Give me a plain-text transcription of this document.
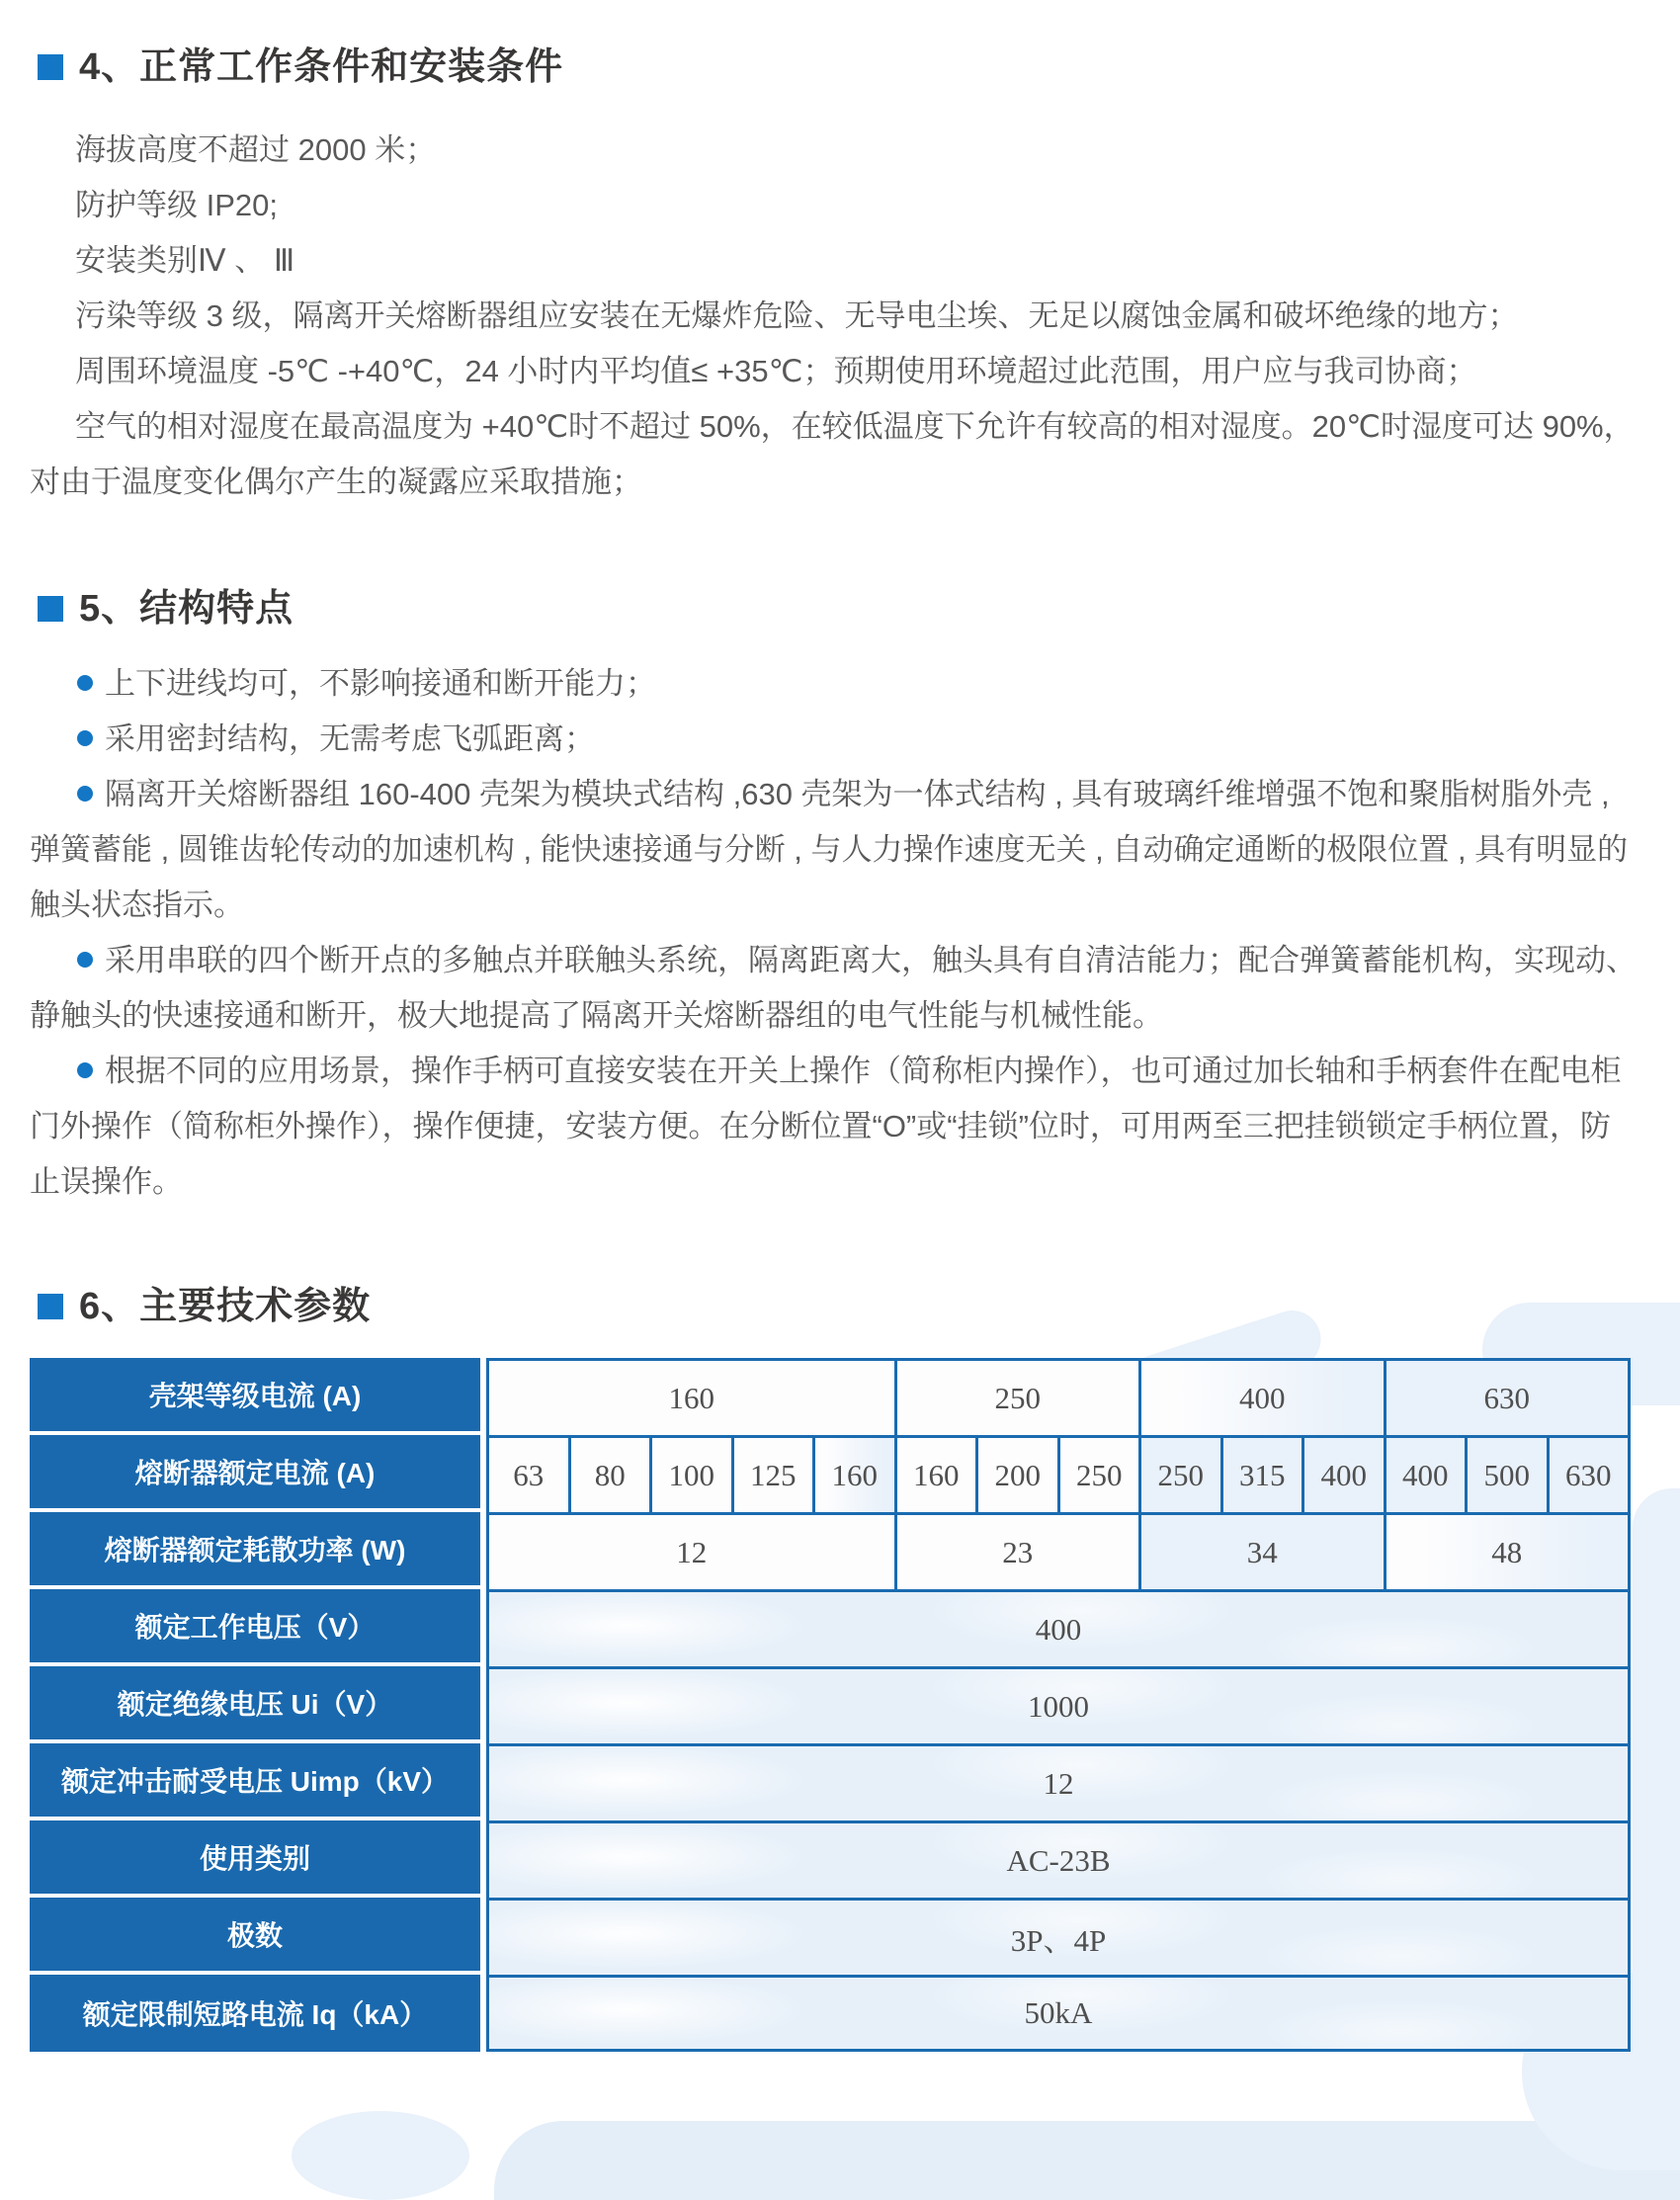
4、正常工作条件和安装条件

海拔高度不超过 2000 米；

防护等级 IP20;

安装类别Ⅳ 、 Ⅲ

污染等级 3 级，隔离开关熔断器组应安装在无爆炸危险、无导电尘埃、无足以腐蚀金属和破坏绝缘的地方；

周围环境温度 -5℃ -+40℃，24 小时内平均值≤ +35℃；预期使用环境超过此范围，用户应与我司协商；

空气的相对湿度在最高温度为 +40℃时不超过 50%，在较低温度下允许有较高的相对湿度。20℃时湿度可达 90%，对由于温度变化偶尔产生的凝露应采取措施；

5、结构特点

上下进线均可，不影响接通和断开能力；

采用密封结构，无需考虑飞弧距离；

隔离开关熔断器组 160-400 壳架为模块式结构 ,630 壳架为一体式结构 , 具有玻璃纤维增强不饱和聚脂树脂外壳 , 弹簧蓄能 , 圆锥齿轮传动的加速机构 , 能快速接通与分断 , 与人力操作速度无关 , 自动确定通断的极限位置 , 具有明显的触头状态指示。

采用串联的四个断开点的多触点并联触头系统，隔离距离大，触头具有自清洁能力；配合弹簧蓄能机构，实现动、静触头的快速接通和断开，极大地提高了隔离开关熔断器组的电气性能与机械性能。

根据不同的应用场景，操作手柄可直接安装在开关上操作（简称柜内操作），也可通过加长轴和手柄套件在配电柜门外操作（简称柜外操作），操作便捷，安装方便。在分断位置“O”或“挂锁”位时，可用两至三把挂锁锁定手柄位置，防止误操作。

6、主要技术参数
壳架等级电流 (A)	160	250	400	630
熔断器额定电流 (A)	63	80	100	125	160	160	200	250	250	315	400	400	500	630
熔断器额定耗散功率 (W)	12	23	34	48
额定工作电压（V）	400
额定绝缘电压 Ui（V）	1000
额定冲击耐受电压 Uimp（kV）	12
使用类别	AC-23B
极数	3P、4P
额定限制短路电流 Iq（kA）	50kA
